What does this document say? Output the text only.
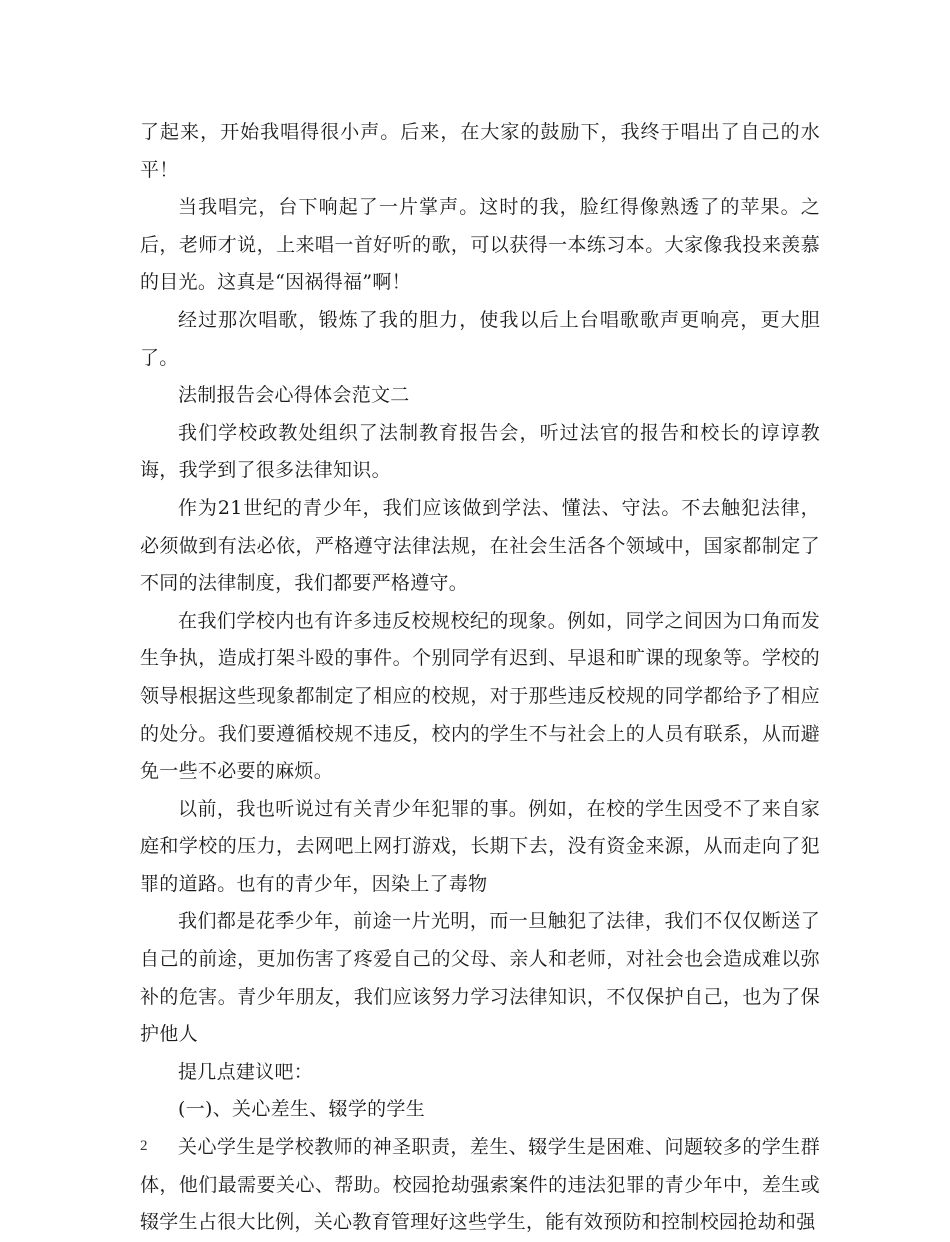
了起来，开始我唱得很小声。后来，在大家的鼓励下，我终于唱出了自己的水平！

当我唱完，台下响起了一片掌声。这时的我，脸红得像熟透了的苹果。之后，老师才说，上来唱一首好听的歌，可以获得一本练习本。大家像我投来羡慕的目光。这真是“因祸得福”啊！

经过那次唱歌，锻炼了我的胆力，使我以后上台唱歌歌声更响亮，更大胆了。

法制报告会心得体会范文二

我们学校政教处组织了法制教育报告会，听过法官的报告和校长的谆谆教诲，我学到了很多法律知识。

作为21世纪的青少年，我们应该做到学法、懂法、守法。不去触犯法律，必须做到有法必依，严格遵守法律法规，在社会生活各个领域中，国家都制定了不同的法律制度，我们都要严格遵守。

在我们学校内也有许多违反校规校纪的现象。例如，同学之间因为口角而发生争执，造成打架斗殴的事件。个别同学有迟到、早退和旷课的现象等。学校的领导根据这些现象都制定了相应的校规，对于那些违反校规的同学都给予了相应的处分。我们要遵循校规不违反，校内的学生不与社会上的人员有联系，从而避免一些不必要的麻烦。

以前，我也听说过有关青少年犯罪的事。例如，在校的学生因受不了来自家庭和学校的压力，去网吧上网打游戏，长期下去，没有资金来源，从而走向了犯罪的道路。也有的青少年，因染上了毒物

我们都是花季少年，前途一片光明，而一旦触犯了法律，我们不仅仅断送了自己的前途，更加伤害了疼爱自己的父母、亲人和老师，对社会也会造成难以弥补的危害。青少年朋友，我们应该努力学习法律知识，不仅保护自己，也为了保护他人

提几点建议吧：

(一)、关心差生、辍学的学生

关心学生是学校教师的神圣职责，差生、辍学生是困难、问题较多的学生群体，他们最需要关心、帮助。校园抢劫强索案件的违法犯罪的青少年中，差生或辍学生占很大比例，关心教育管理好这些学生，能有效预防和控制校园抢劫和强

2
